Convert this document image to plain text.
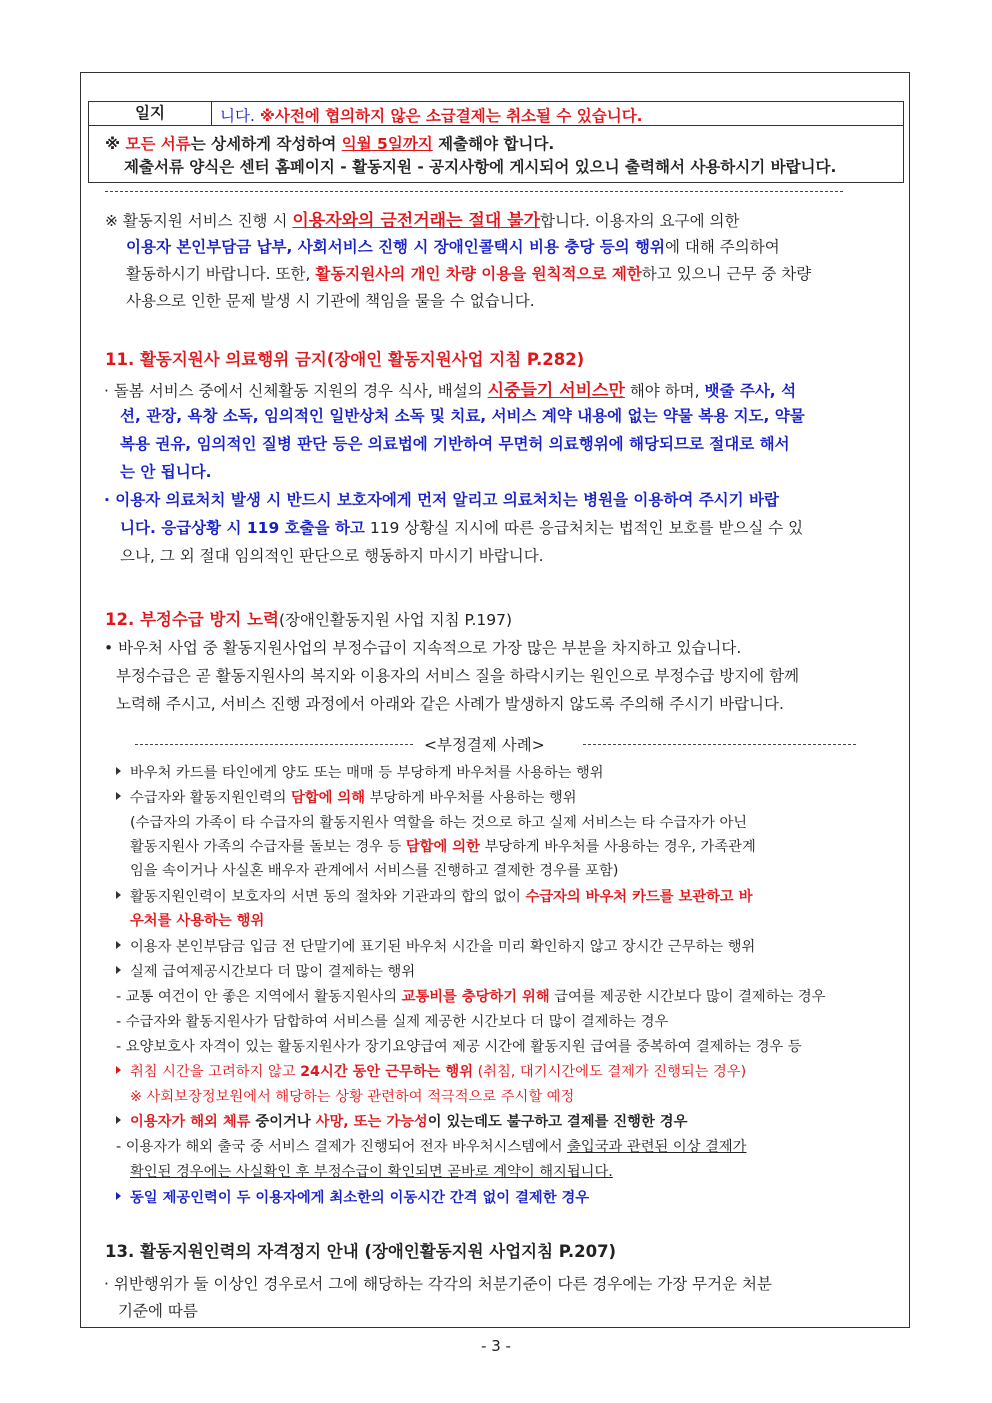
일지	니다. ※사전에 협의하지 않은 소급결제는 취소될 수 있습니다.
※ 모든 서류는 상세하게 작성하여 익월 5일까지 제출해야 합니다.
제출서류 양식은 센터 홈페이지 - 활동지원 - 공지사항에 게시되어 있으니 출력해서 사용하시기 바랍니다.
※ 활동지원 서비스 진행 시 이용자와의 금전거래는 절대 불가합니다. 이용자의 요구에 의한
이용자 본인부담금 납부, 사회서비스 진행 시 장애인콜택시 비용 충당 등의 행위에 대해 주의하여
활동하시기 바랍니다. 또한, 활동지원사의 개인 차량 이용을 원칙적으로 제한하고 있으니 근무 중 차량
사용으로 인한 문제 발생 시 기관에 책임을 물을 수 없습니다.
11. 활동지원사 의료행위 금지(장애인 활동지원사업 지침 P.282)
· 돌봄 서비스 중에서 신체활동 지원의 경우 식사, 배설의 시중들기 서비스만 해야 하며, 뱃줄 주사, 석
션, 관장, 욕창 소독, 임의적인 일반상처 소독 및 치료, 서비스 계약 내용에 없는 약물 복용 지도, 약물
복용 권유, 임의적인 질병 판단 등은 의료법에 기반하여 무면허 의료행위에 해당되므로 절대로 해서
는 안 됩니다.
· 이용자 의료처치 발생 시 반드시 보호자에게 먼저 알리고 의료처치는 병원을 이용하여 주시기 바랍
니다. 응급상황 시 119 호출을 하고 119 상황실 지시에 따른 응급처치는 법적인 보호를 받으실 수 있
으나, 그 외 절대 임의적인 판단으로 행동하지 마시기 바랍니다.
12. 부정수급 방지 노력(장애인활동지원 사업 지침 P.197)
• 바우처 사업 중 활동지원사업의 부정수급이 지속적으로 가장 많은 부분을 차지하고 있습니다.
부정수급은 곧 활동지원사의 복지와 이용자의 서비스 질을 하락시키는 원인으로 부정수급 방지에 함께
노력해 주시고, 서비스 진행 과정에서 아래와 같은 사례가 발생하지 않도록 주의해 주시기 바랍니다.
<부정결제 사례>
바우처 카드를 타인에게 양도 또는 매매 등 부당하게 바우처를 사용하는 행위
수급자와 활동지원인력의 담합에 의해 부당하게 바우처를 사용하는 행위
(수급자의 가족이 타 수급자의 활동지원사 역할을 하는 것으로 하고 실제 서비스는 타 수급자가 아닌
활동지원사 가족의 수급자를 돌보는 경우 등 담합에 의한 부당하게 바우처를 사용하는 경우, 가족관계
임을 속이거나 사실혼 배우자 관계에서 서비스를 진행하고 결제한 경우를 포함)
활동지원인력이 보호자의 서면 동의 절차와 기관과의 합의 없이 수급자의 바우처 카드를 보관하고 바
우처를 사용하는 행위
이용자 본인부담금 입금 전 단말기에 표기된 바우처 시간을 미리 확인하지 않고 장시간 근무하는 행위
실제 급여제공시간보다 더 많이 결제하는 행위
- 교통 여건이 안 좋은 지역에서 활동지원사의 교통비를 충당하기 위해 급여를 제공한 시간보다 많이 결제하는 경우
- 수급자와 활동지원사가 담합하여 서비스를 실제 제공한 시간보다 더 많이 결제하는 경우
- 요양보호사 자격이 있는 활동지원사가 장기요양급여 제공 시간에 활동지원 급여를 중복하여 결제하는 경우 등
취침 시간을 고려하지 않고 24시간 동안 근무하는 행위 (취침, 대기시간에도 결제가 진행되는 경우)
※ 사회보장정보원에서 해당하는 상황 관련하여 적극적으로 주시할 예정
이용자가 해외 체류 중이거나 사망, 또는 가능성이 있는데도 불구하고 결제를 진행한 경우
- 이용자가 해외 출국 중 서비스 결제가 진행되어 전자 바우처시스템에서 출입국과 관련된 이상 결제가
확인된 경우에는 사실확인 후 부정수급이 확인되면 곧바로 계약이 해지됩니다.
동일 제공인력이 두 이용자에게 최소한의 이동시간 간격 없이 결제한 경우
13. 활동지원인력의 자격정지 안내 (장애인활동지원 사업지침 P.207)
· 위반행위가 둘 이상인 경우로서 그에 해당하는 각각의 처분기준이 다른 경우에는 가장 무거운 처분
기준에 따름
- 3 -
